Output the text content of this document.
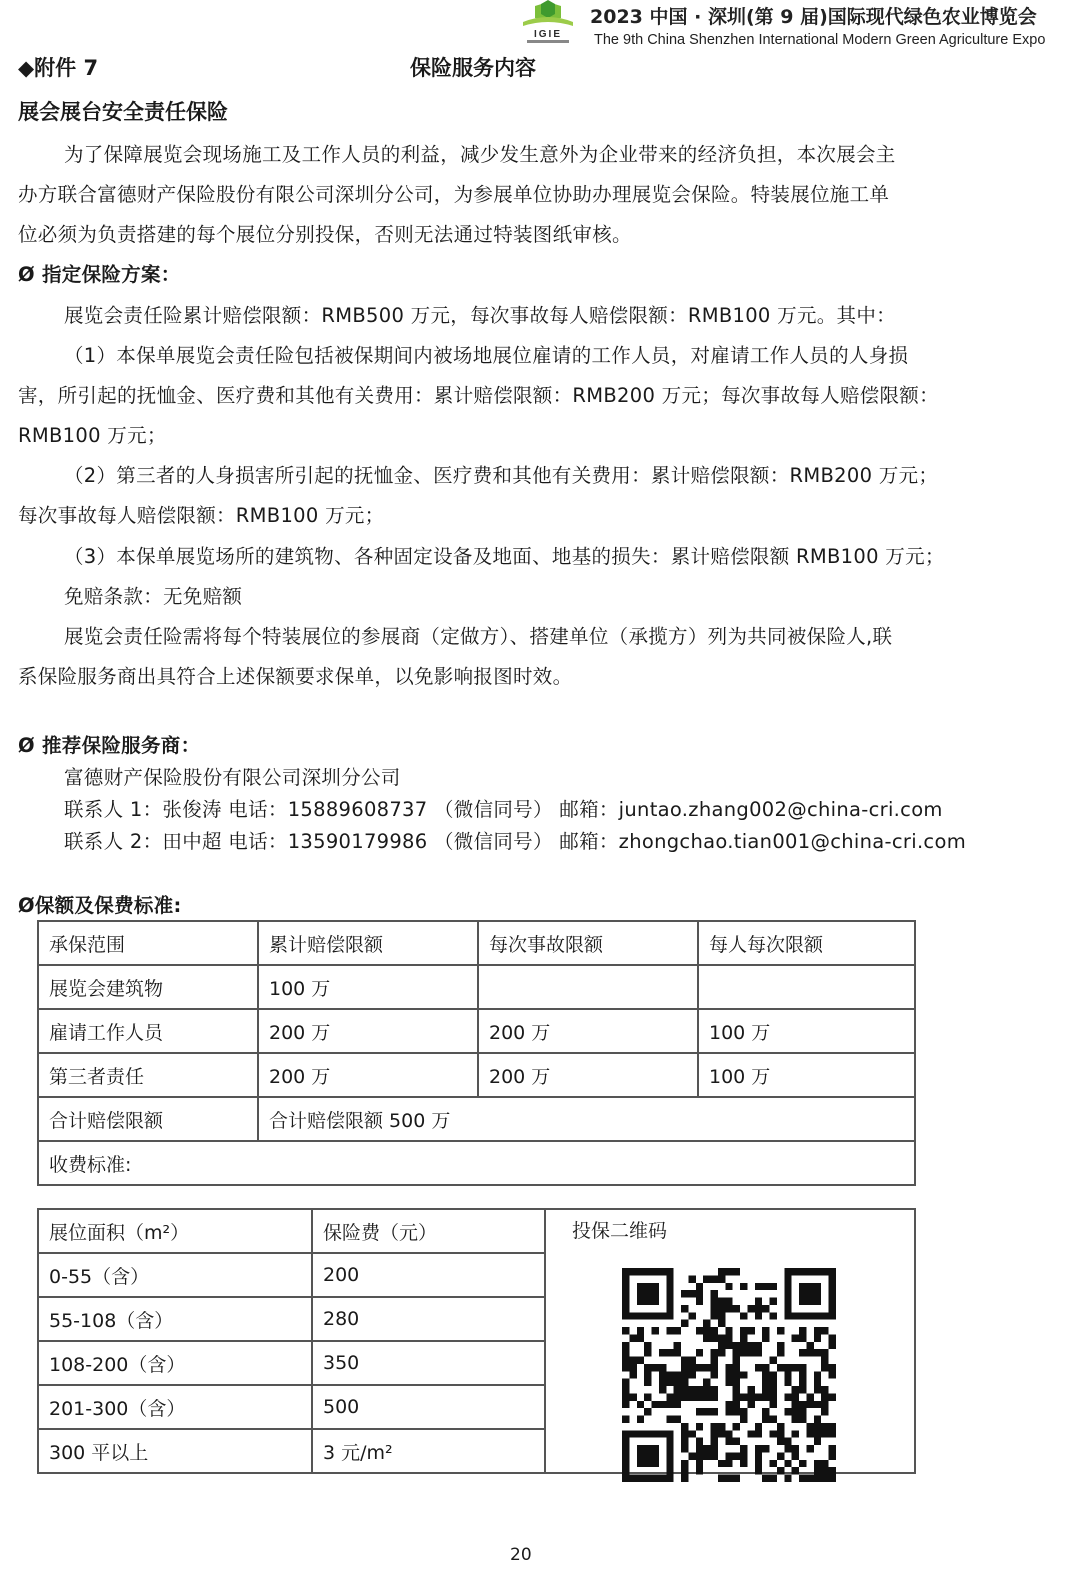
IGIE
2023 中国 · 深圳(第 9 届)国际现代绿色农业博览会
The 9th China Shenzhen International Modern Green Agriculture Expo
◆附件 7	保险服务内容
展会展台安全责任保险
为了保障展览会现场施工及工作人员的利益，减少发生意外为企业带来的经济负担，本次展会主
办方联合富德财产保险股份有限公司深圳分公司，为参展单位协助办理展览会保险。特装展位施工单
位必须为负责搭建的每个展位分别投保，否则无法通过特装图纸审核。
Ø 指定保险方案：
展览会责任险累计赔偿限额：RMB500 万元，每次事故每人赔偿限额：RMB100 万元。其中：
（1）本保单展览会责任险包括被保期间内被场地展位雇请的工作人员，对雇请工作人员的人身损
害，所引起的抚恤金、医疗费和其他有关费用：累计赔偿限额：RMB200 万元；每次事故每人赔偿限额：
RMB100 万元；
（2）第三者的人身损害所引起的抚恤金、医疗费和其他有关费用：累计赔偿限额：RMB200 万元；
每次事故每人赔偿限额：RMB100 万元；
（3）本保单展览场所的建筑物、各种固定设备及地面、地基的损失：累计赔偿限额 RMB100 万元；
免赔条款：无免赔额
展览会责任险需将每个特装展位的参展商（定做方）、搭建单位（承揽方）列为共同被保险人,联
系保险服务商出具符合上述保额要求保单，以免影响报图时效。
Ø 推荐保险服务商：
富德财产保险股份有限公司深圳分公司
联系人 1：张俊涛 电话：15889608737 （微信同号） 邮箱：juntao.zhang002@china-cri.com
联系人 2：田中超 电话：13590179986 （微信同号） 邮箱：zhongchao.tian001@china-cri.com
Ø保额及保费标准:
承保范围	累计赔偿限额	每次事故限额	每人每次限额
展览会建筑物	100 万		
雇请工作人员	200 万	200 万	100 万
第三者责任	200 万	200 万	100 万
合计赔偿限额	合计赔偿限额 500 万		
收费标准:			
展位面积（m²）	保险费（元）	投保二维码

0-55（含）	200	
55-108（含）	280	
108-200（含）	350	
201-300（含）	500	
300 平以上	3 元/m²	
20
